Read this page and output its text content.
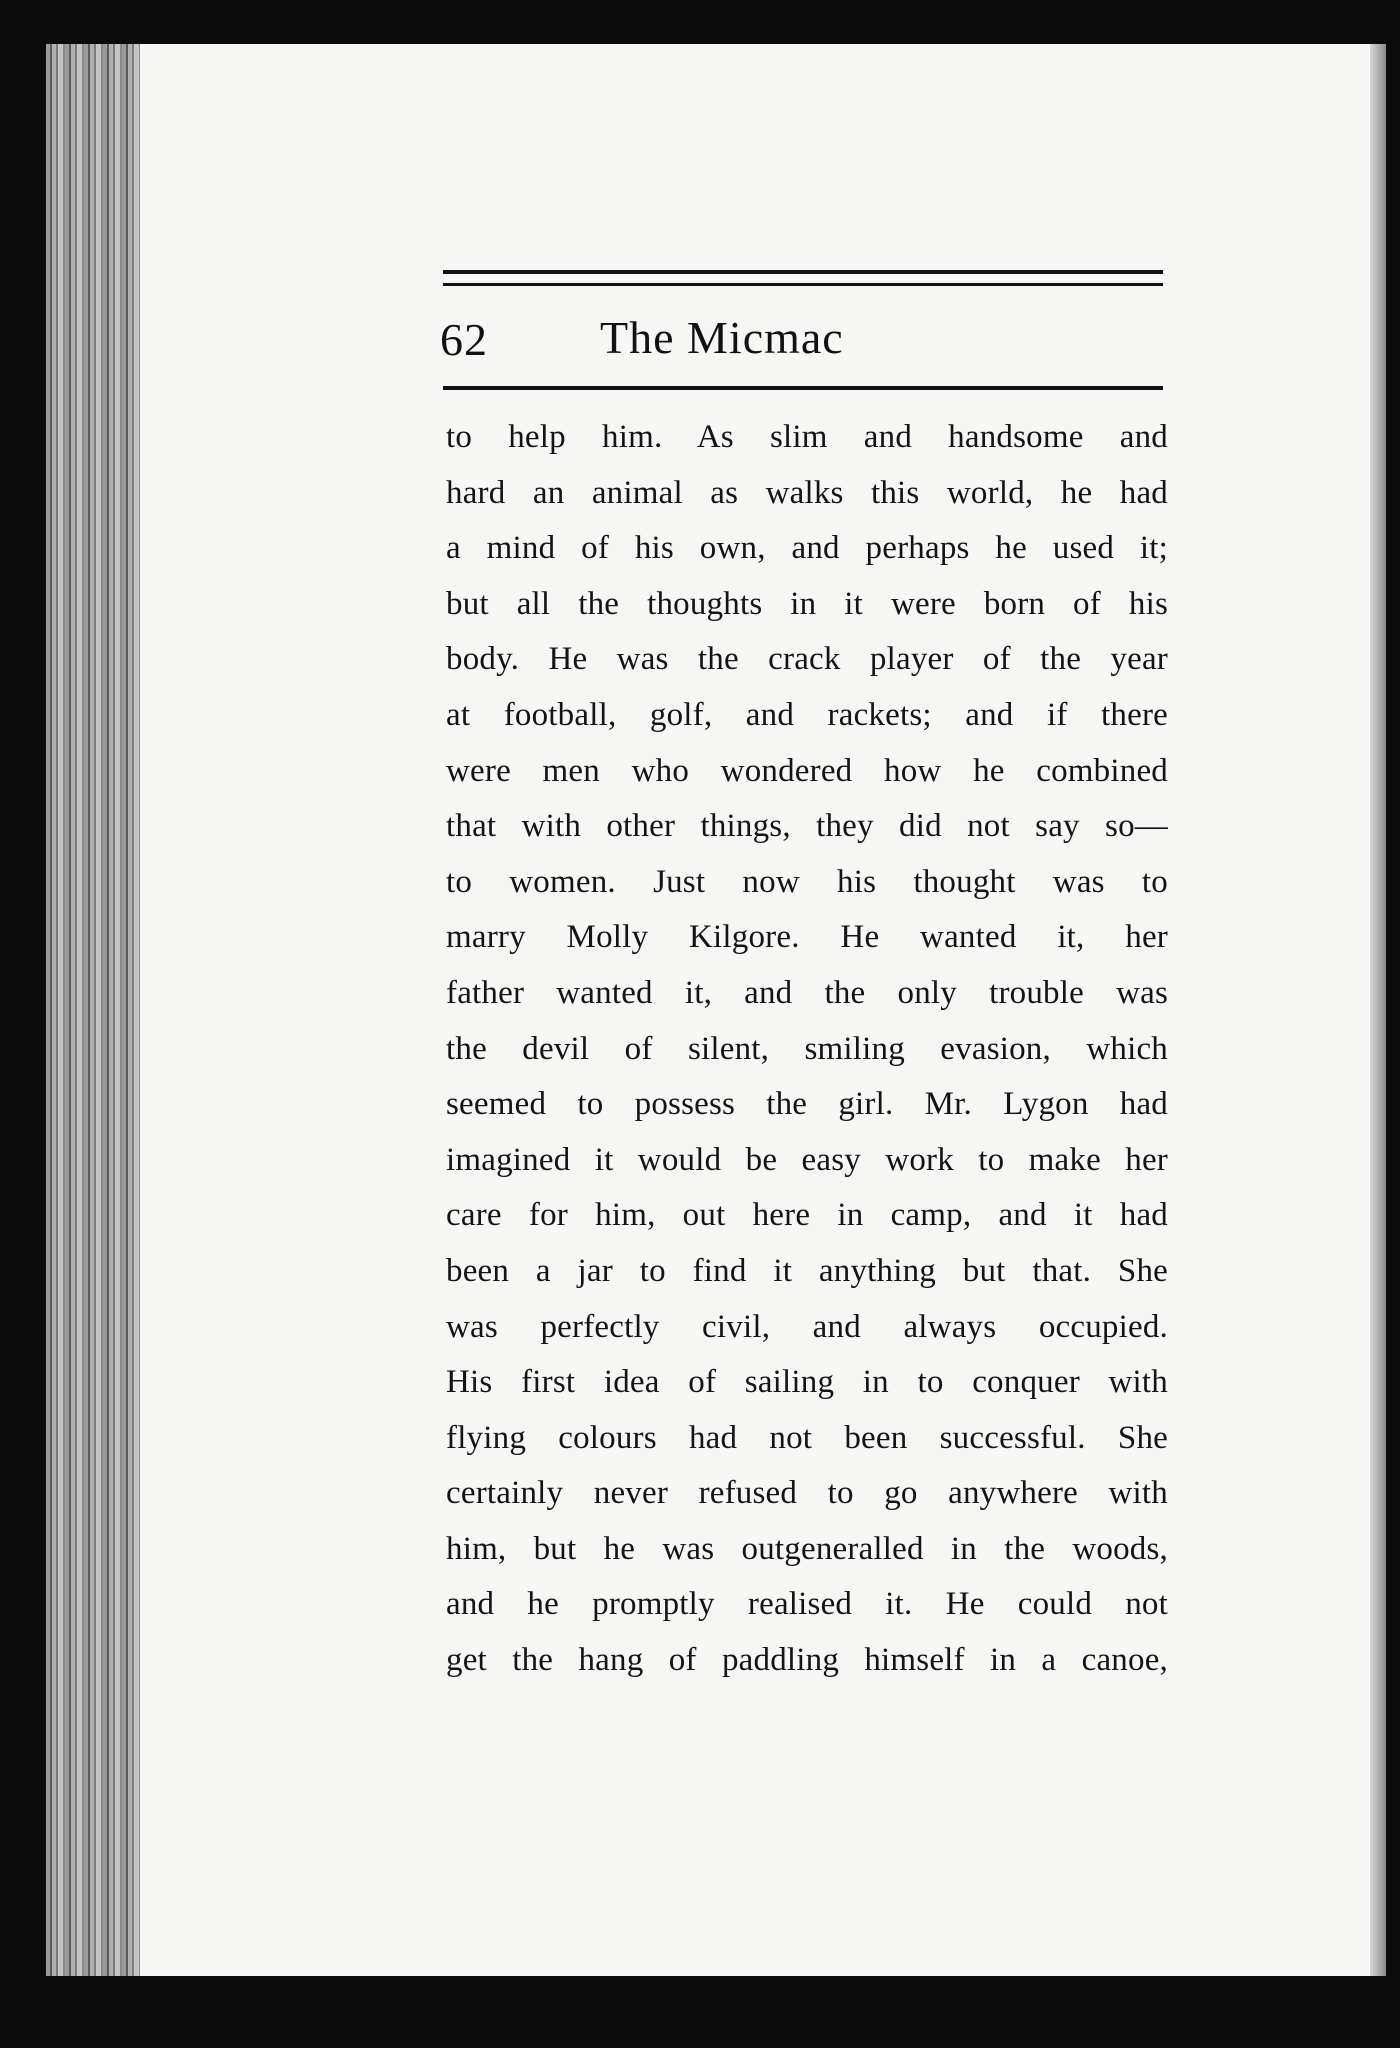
62 The Micmac
to help him. As slim and handsome and
hard an animal as walks this world, he had
a mind of his own, and perhaps he used it;
but all the thoughts in it were born of his
body. He was the crack player of the year
at football, golf, and rackets; and if there
were men who wondered how he combined
that with other things, they did not say so—
to women. Just now his thought was to
marry Molly Kilgore. He wanted it, her
father wanted it, and the only trouble was
the devil of silent, smiling evasion, which
seemed to possess the girl. Mr. Lygon had
imagined it would be easy work to make her
care for him, out here in camp, and it had
been a jar to find it anything but that. She
was perfectly civil, and always occupied.
His first idea of sailing in to conquer with
flying colours had not been successful. She
certainly never refused to go anywhere with
him, but he was outgeneralled in the woods,
and he promptly realised it. He could not
get the hang of paddling himself in a canoe,
